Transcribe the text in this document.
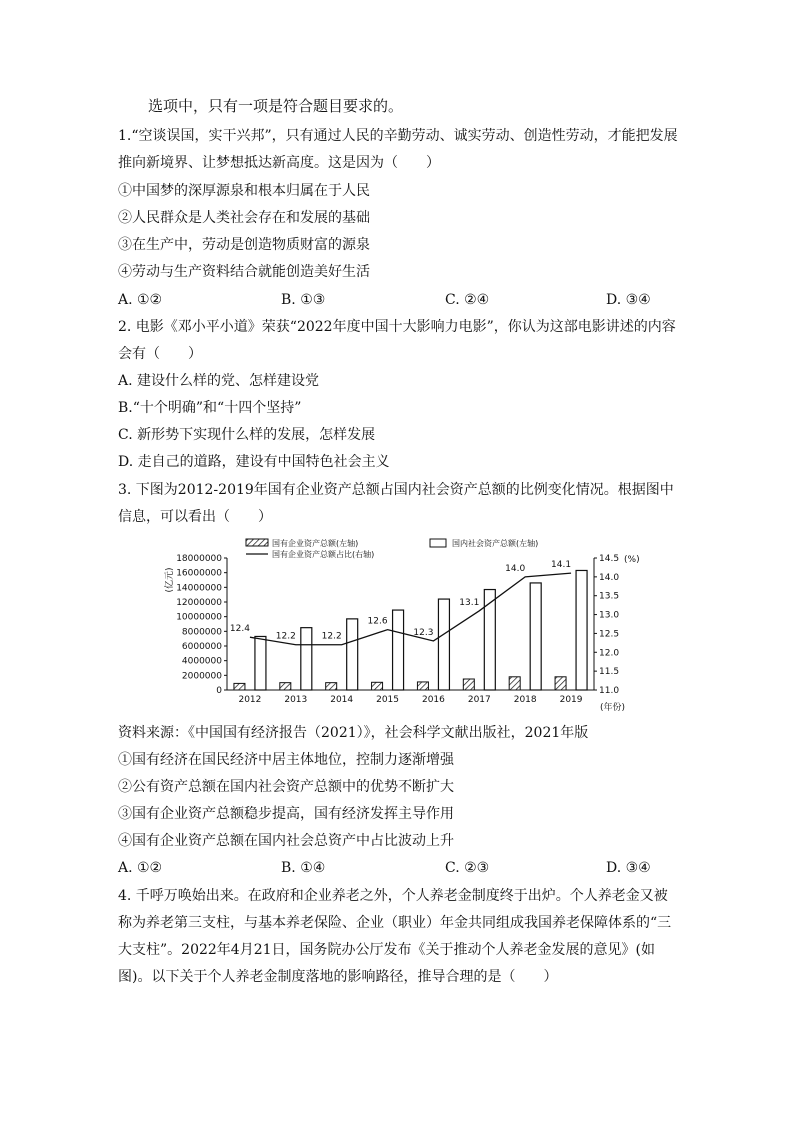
选项中，只有一项是符合题目要求的。
1.“空谈误国，实干兴邦”，只有通过人民的辛勤劳动、诚实劳动、创造性劳动，才能把发展
推向新境界、让梦想抵达新高度。这是因为（　　）
①中国梦的深厚源泉和根本归属在于人民
②人民群众是人类社会存在和发展的基础
③在生产中，劳动是创造物质财富的源泉
④劳动与生产资料结合就能创造美好生活
A. ①②	B. ①③	C. ②④	D. ③④
2. 电影《邓小平小道》荣获“2022年度中国十大影响力电影”，你认为这部电影讲述的内容
会有（　　）
A. 建设什么样的党、怎样建设党
B.“十个明确”和“十四个坚持”
C. 新形势下实现什么样的发展，怎样发展
D. 走自己的道路，建设有中国特色社会主义
3. 下图为2012-2019年国有企业资产总额占国内社会资产总额的比例变化情况。根据图中
信息，可以看出（　　）
国有企业资产总额(左轴)	国内社会资产总额(左轴)
国有企业资产总额占比(右轴)
0
2000000
4000000
6000000
8000000
10000000
12000000
14000000
16000000
18000000
(亿元)
11.0
11.5
12.0
12.5
13.0
13.5
14.0
14.5 (%)
(年份)
2012	2013	2014	2015	2016	2017	2018	2019
12.4
12.2	12.2
12.6
12.3
13.1
14.0	14.1
资料来源：《中国国有经济报告（2021）》，社会科学文献出版社，2021年版
①国有经济在国民经济中居主体地位，控制力逐渐增强
②公有资产总额在国内社会资产总额中的优势不断扩大
③国有企业资产总额稳步提高，国有经济发挥主导作用
④国有企业资产总额在国内社会总资产中占比波动上升
A. ①②	B. ①④	C. ②③	D. ③④
4. 千呼万唤始出来。在政府和企业养老之外，个人养老金制度终于出炉。个人养老金又被
称为养老第三支柱，与基本养老保险、企业（职业）年金共同组成我国养老保障体系的“三
大支柱”。2022年4月21日，国务院办公厅发布《关于推动个人养老金发展的意见》(如
图)。以下关于个人养老金制度落地的影响路径，推导合理的是（　　）
